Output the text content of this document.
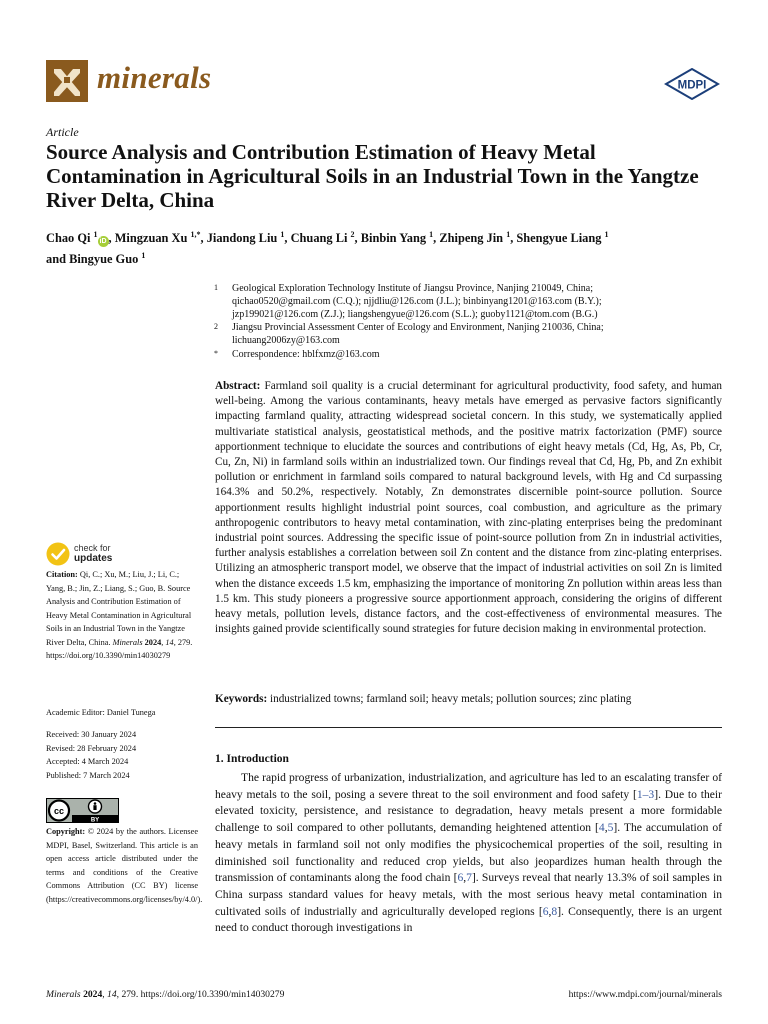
minerals	MDPI
Article
Source Analysis and Contribution Estimation of Heavy Metal Contamination in Agricultural Soils in an Industrial Town in the Yangtze River Delta, China
Chao Qi $^1$iD , Mingzuan Xu $^{1,*}$, Jiandong Liu $^1$, Chuang Li $^2$, Binbin Yang $^1$, Zhipeng Jin $^1$, Shengyue Liang $^1$
and Bingyue Guo $^1$
1 Geological Exploration Technology Institute of Jiangsu Province, Nanjing 210049, China;
qichao0520@gmail.com (C.Q.); njjdliu@126.com (J.L.); binbinyang1201@163.com (B.Y.);
jzp199021@126.com (Z.J.); liangshengyue@126.com (S.L.); guoby1121@tom.com (B.G.)
2 Jiangsu Provincial Assessment Center of Ecology and Environment, Nanjing 210036, China;
lichuang2006zy@163.com
* Correspondence: hblfxmz@163.com
Abstract: Farmland soil quality is a crucial determinant for agricultural productivity, food safety, and human well-being. Among the various contaminants, heavy metals have emerged as pervasive factors significantly impacting farmland quality, attracting widespread societal concern. In this study, we systematically applied multivariate statistical analysis, geostatistical methods, and the positive matrix factorization (PMF) source apportionment technique to elucidate the sources and contributions of eight heavy metals (Cd, Hg, As, Pb, Cr, Cu, Zn, Ni) in farmland soils within an industrialized town. Our findings reveal that Cd, Hg, Pb, and Zn exhibit pollution or enrichment in farmland soils compared to natural background levels, with Hg and Cd surpassing 164.3% and 50.2%, respectively. Notably, Zn demonstrates discernible point-source pollution. Source apportionment results highlight industrial point sources, coal combustion, and agriculture as the primary anthropogenic contributors to heavy metal contamination, with zinc-plating enterprises being the predominant industrial point sources. Addressing the specific issue of point-source pollution from Zn in industrial activities, further analysis establishes a correlation between soil Zn content and the distance from zinc-plating enterprises. Utilizing an atmospheric transport model, we observe that the impact of industrial activities on soil Zn is limited when the distance exceeds 1.5 km, emphasizing the importance of monitoring Zn pollution within areas less than 1.5 km. This study pioneers a progressive source apportionment approach, considering the origins of different heavy metals, pollution levels, distance factors, and the cost-effectiveness of environmental measures. The insights gained provide scientifically sound strategies for future decision making in environmental protection.
Keywords: industrialized towns; farmland soil; heavy metals; pollution sources; zinc plating
1. Introduction
The rapid progress of urbanization, industrialization, and agriculture has led to an escalating transfer of heavy metals to the soil, posing a severe threat to the soil environment and food safety [1–3]. Due to their elevated toxicity, persistence, and resistance to degradation, heavy metals present a more formidable challenge to soil compared to other pollutants, demanding heightened attention [4,5]. The accumulation of heavy metals in farmland soil not only modifies the physicochemical properties of the soil, resulting in diminished soil functionality and reduced crop yields, but also jeopardizes human health through the transmission of contaminants along the food chain [6,7]. Surveys reveal that nearly 13.3% of soil samples in China surpass standard values for heavy metals, with the most serious heavy metal contamination in cultivated soils of industrially and agriculturally developed regions [6,8]. Consequently, there is an urgent need to conduct thorough investigations in
check for
updates
Citation: Qi, C.; Xu, M.; Liu, J.; Li, C.; Yang, B.; Jin, Z.; Liang, S.; Guo, B. Source Analysis and Contribution Estimation of Heavy Metal Contamination in Agricultural Soils in an Industrial Town in the Yangtze River Delta, China. Minerals 2024, 14, 279. https://doi.org/10.3390/min14030279
Academic Editor: Daniel Tunega
Received: 30 January 2024
Revised: 28 February 2024
Accepted: 4 March 2024
Published: 7 March 2024
cc
BY
Copyright: © 2024 by the authors. Licensee MDPI, Basel, Switzerland. This article is an open access article distributed under the terms and conditions of the Creative Commons Attribution (CC BY) license (https://creativecommons.org/licenses/by/4.0/).
Minerals 2024, 14, 279. https://doi.org/10.3390/min14030279	https://www.mdpi.com/journal/minerals
